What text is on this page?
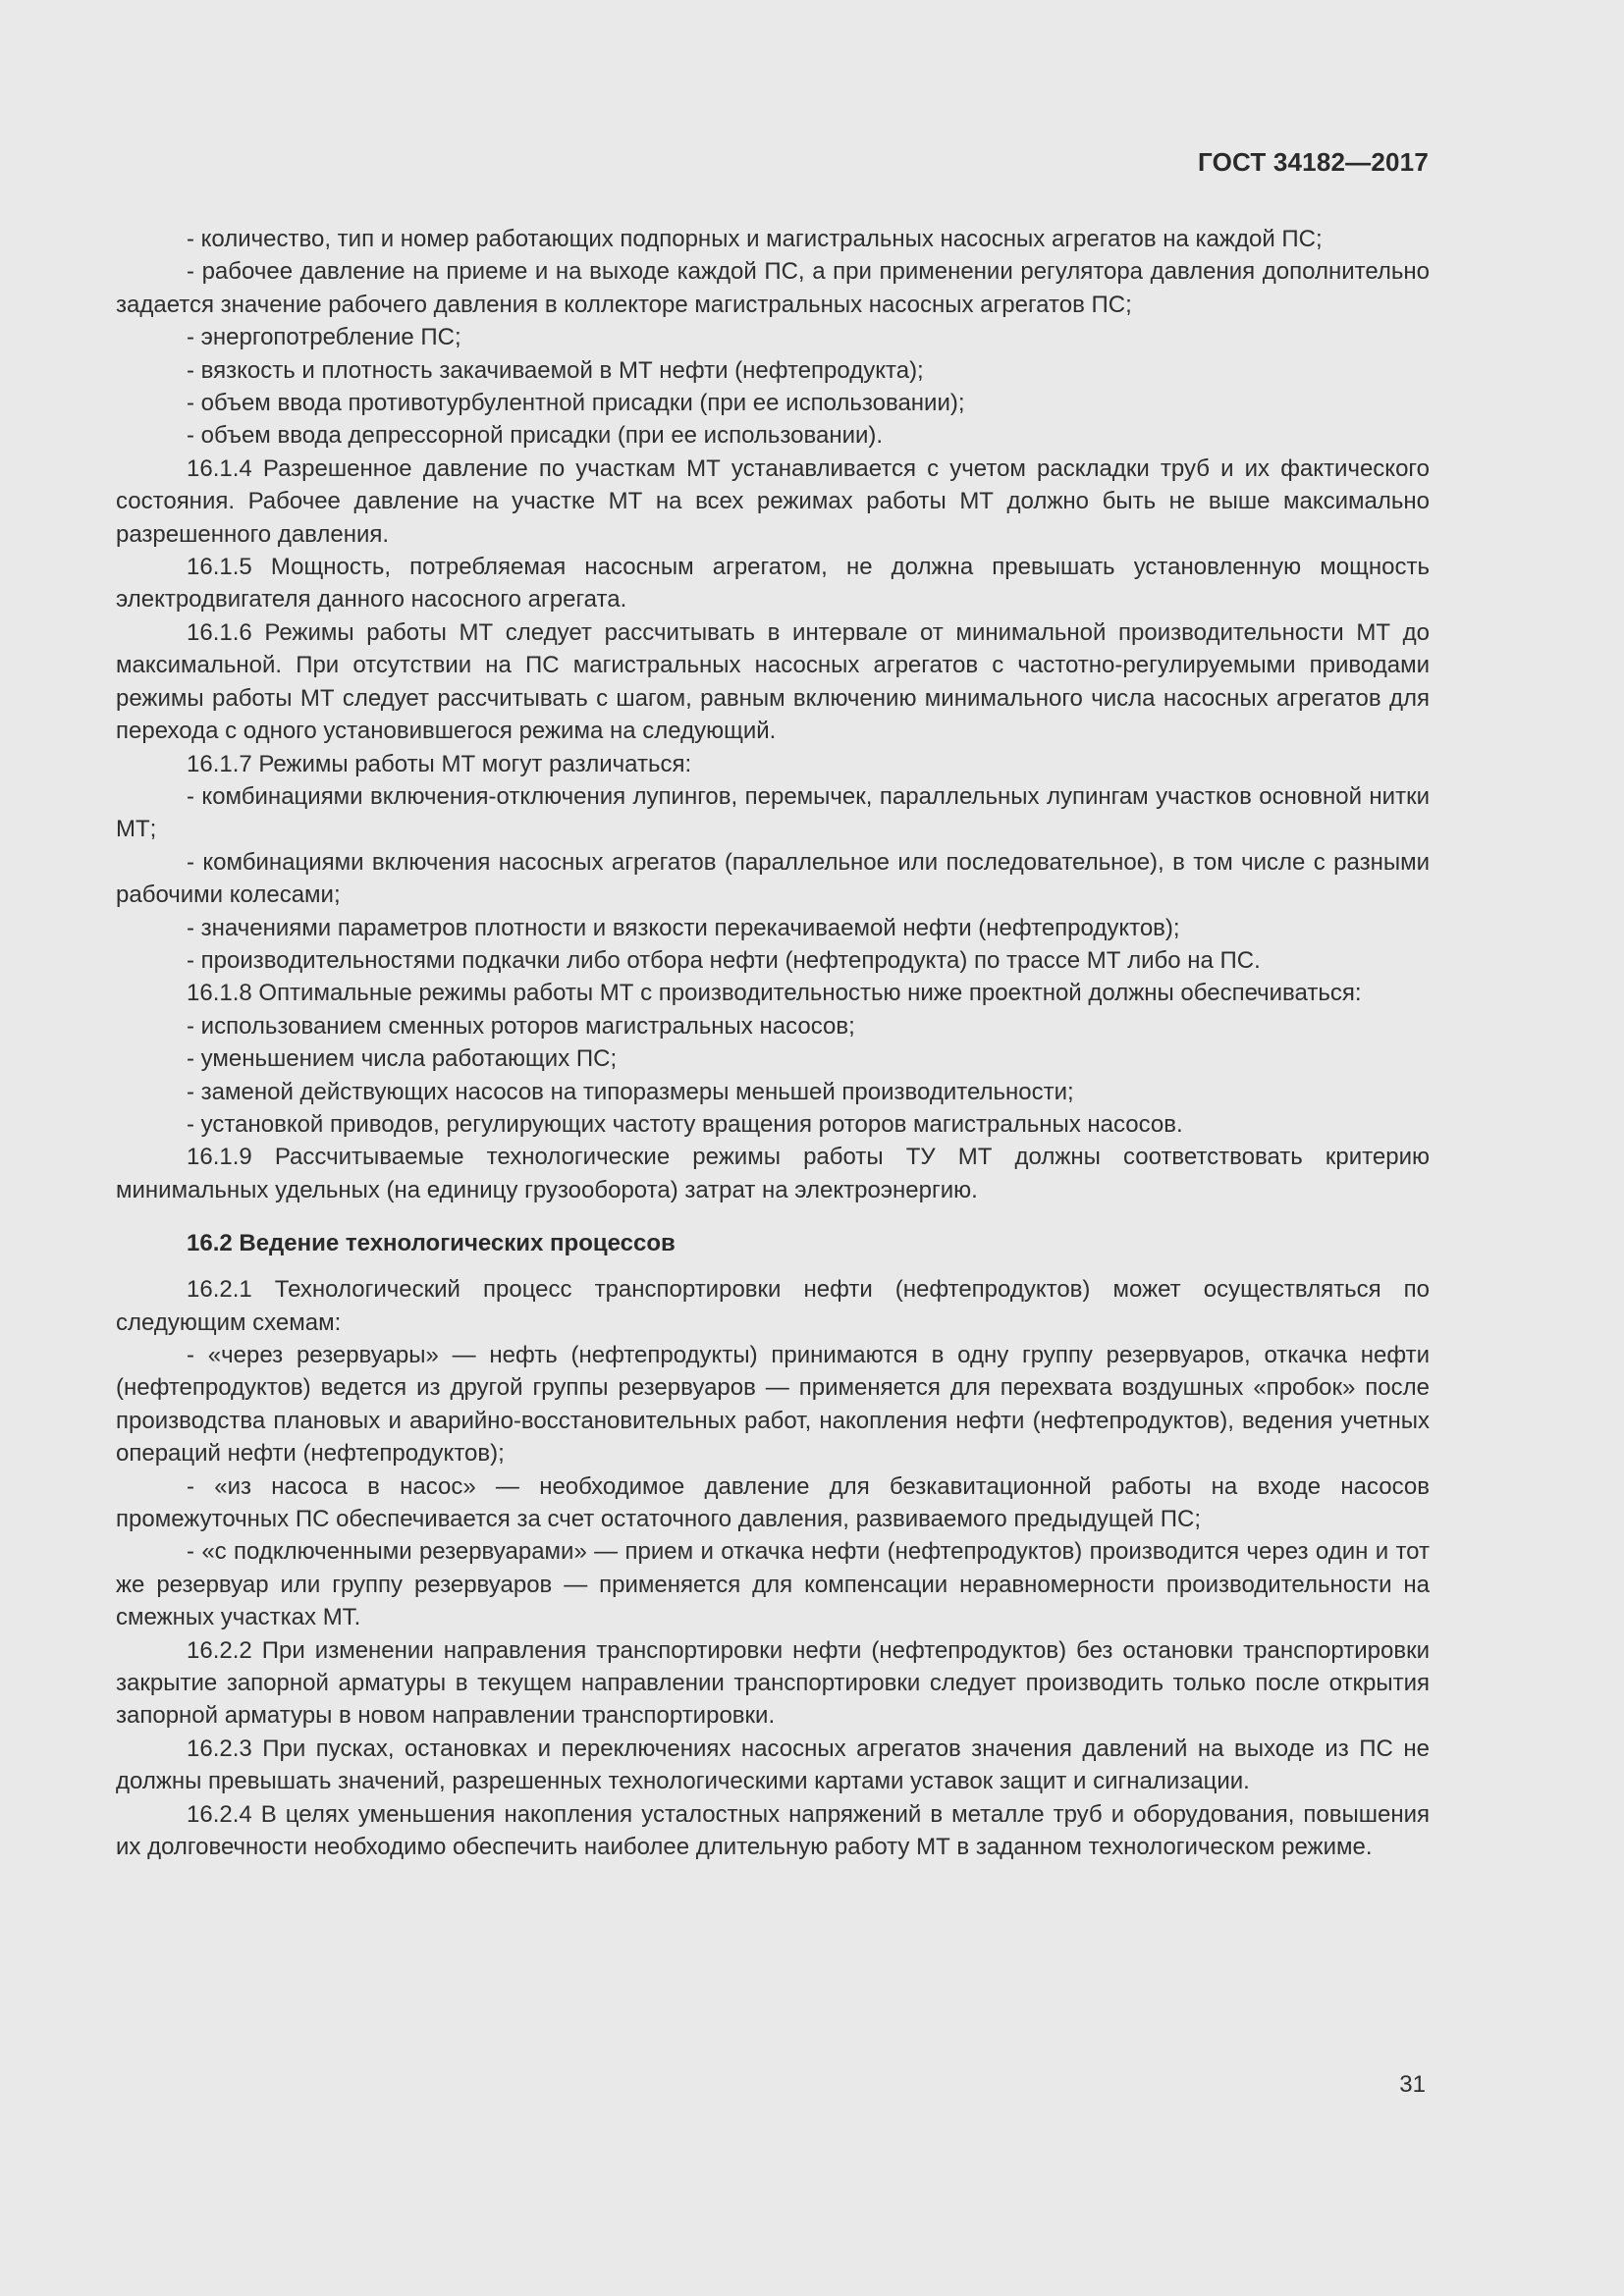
ГОСТ 34182—2017

- количество, тип и номер работающих подпорных и магистральных насосных агрегатов на каждой ПС;

- рабочее давление на приеме и на выходе каждой ПС, а при применении регулятора давления дополнительно задается значение рабочего давления в коллекторе магистральных насосных агрегатов ПС;

- энергопотребление ПС;

- вязкость и плотность закачиваемой в МТ нефти (нефтепродукта);

- объем ввода противотурбулентной присадки (при ее использовании);

- объем ввода депрессорной присадки (при ее использовании).

16.1.4 Разрешенное давление по участкам МТ устанавливается с учетом раскладки труб и их фактического состояния. Рабочее давление на участке МТ на всех режимах работы МТ должно быть не выше максимально разрешенного давления.

16.1.5 Мощность, потребляемая насосным агрегатом, не должна превышать установленную мощность электродвигателя данного насосного агрегата.

16.1.6 Режимы работы МТ следует рассчитывать в интервале от минимальной производительности МТ до максимальной. При отсутствии на ПС магистральных насосных агрегатов с частотно-регулируемыми приводами режимы работы МТ следует рассчитывать с шагом, равным включению минимального числа насосных агрегатов для перехода с одного установившегося режима на следующий.

16.1.7 Режимы работы МТ могут различаться:

- комбинациями включения-отключения лупингов, перемычек, параллельных лупингам участков основной нитки МТ;

- комбинациями включения насосных агрегатов (параллельное или последовательное), в том числе с разными рабочими колесами;

- значениями параметров плотности и вязкости перекачиваемой нефти (нефтепродуктов);

- производительностями подкачки либо отбора нефти (нефтепродукта) по трассе МТ либо на ПС.

16.1.8 Оптимальные режимы работы МТ с производительностью ниже проектной должны обеспечиваться:

- использованием сменных роторов магистральных насосов;

- уменьшением числа работающих ПС;

- заменой действующих насосов на типоразмеры меньшей производительности;

- установкой приводов, регулирующих частоту вращения роторов магистральных насосов.

16.1.9 Рассчитываемые технологические режимы работы ТУ МТ должны соответствовать критерию минимальных удельных (на единицу грузооборота) затрат на электроэнергию.

16.2 Ведение технологических процессов

16.2.1 Технологический процесс транспортировки нефти (нефтепродуктов) может осуществляться по следующим схемам:

- «через резервуары» — нефть (нефтепродукты) принимаются в одну группу резервуаров, откачка нефти (нефтепродуктов) ведется из другой группы резервуаров — применяется для перехвата воздушных «пробок» после производства плановых и аварийно-восстановительных работ, накопления нефти (нефтепродуктов), ведения учетных операций нефти (нефтепродуктов);

- «из насоса в насос» — необходимое давление для безкавитационной работы на входе насосов промежуточных ПС обеспечивается за счет остаточного давления, развиваемого предыдущей ПС;

- «с подключенными резервуарами» — прием и откачка нефти (нефтепродуктов) производится через один и тот же резервуар или группу резервуаров — применяется для компенсации неравномерности производительности на смежных участках МТ.

16.2.2 При изменении направления транспортировки нефти (нефтепродуктов) без остановки транспортировки закрытие запорной арматуры в текущем направлении транспортировки следует производить только после открытия запорной арматуры в новом направлении транспортировки.

16.2.3 При пусках, остановках и переключениях насосных агрегатов значения давлений на выходе из ПС не должны превышать значений, разрешенных технологическими картами уставок защит и сигнализации.

16.2.4 В целях уменьшения накопления усталостных напряжений в металле труб и оборудования, повышения их долговечности необходимо обеспечить наиболее длительную работу МТ в заданном технологическом режиме.

31
